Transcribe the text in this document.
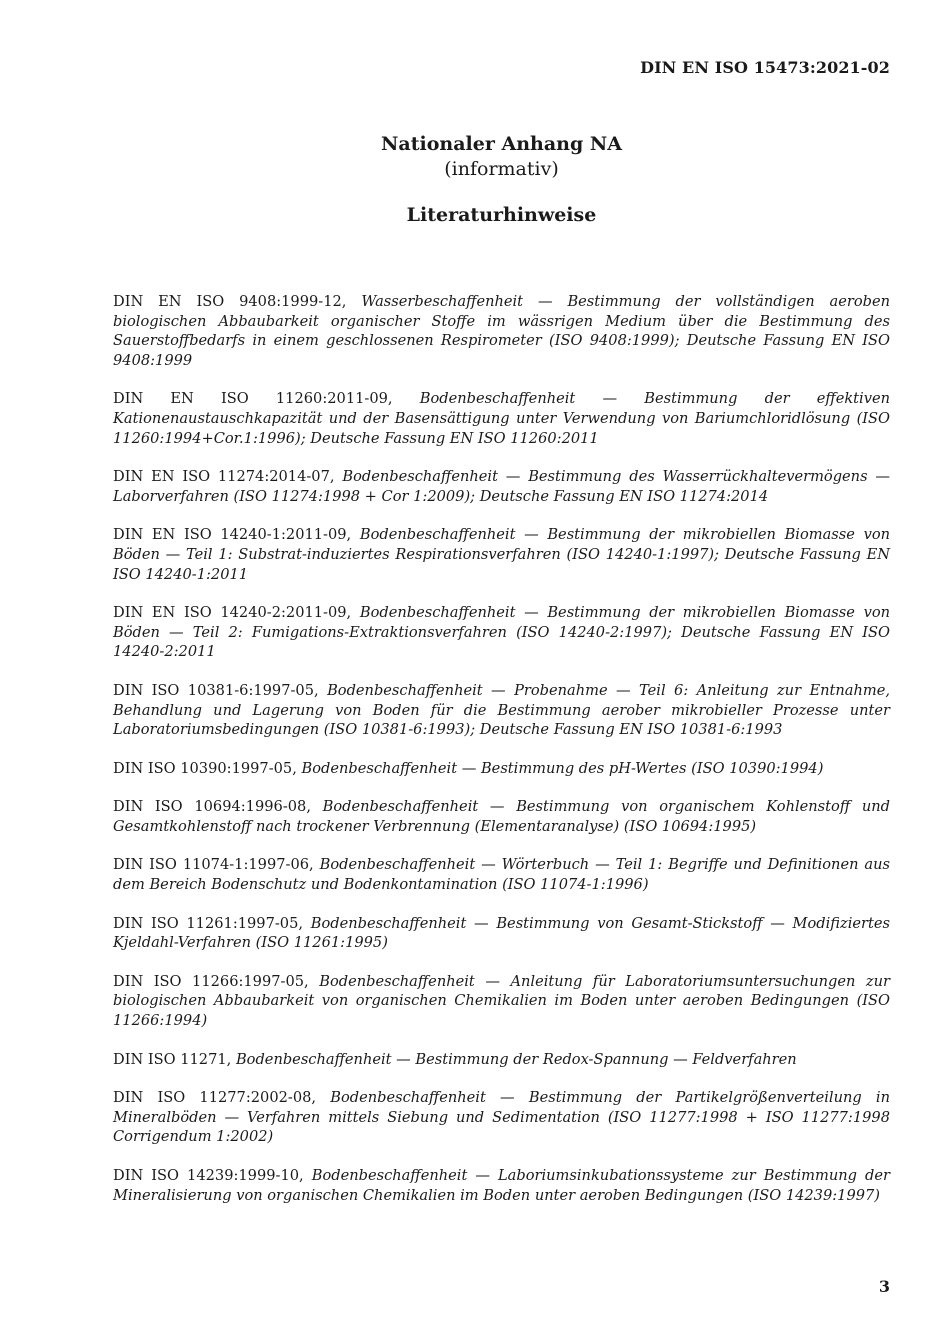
DIN EN ISO 15473:2021-02
Nationaler Anhang NA
(informativ)
Literaturhinweise

DIN EN ISO 9408:1999-12, Wasserbeschaffenheit — Bestimmung der vollständigen aeroben biologischen Abbaubarkeit organischer Stoffe im wässrigen Medium über die Bestimmung des Sauerstoffbedarfs in einem geschlossenen Respirometer (ISO 9408:1999); Deutsche Fassung EN ISO 9408:1999

DIN EN ISO 11260:2011-09, Bodenbeschaffenheit — Bestimmung der effektiven Kationenaustauschkapazität und der Basensättigung unter Verwendung von Bariumchloridlösung (ISO 11260:1994+Cor.1:1996); Deutsche Fassung EN ISO 11260:2011

DIN EN ISO 11274:2014-07, Bodenbeschaffenheit — Bestimmung des Wasserrückhaltevermögens — Laborverfahren (ISO 11274:1998 + Cor 1:2009); Deutsche Fassung EN ISO 11274:2014

DIN EN ISO 14240-1:2011-09, Bodenbeschaffenheit — Bestimmung der mikrobiellen Biomasse von Böden — Teil 1: Substrat-induziertes Respirationsverfahren (ISO 14240-1:1997); Deutsche Fassung EN ISO 14240-1:2011

DIN EN ISO 14240-2:2011-09, Bodenbeschaffenheit — Bestimmung der mikrobiellen Biomasse von Böden — Teil 2: Fumigations-Extraktionsverfahren (ISO 14240-2:1997); Deutsche Fassung EN ISO 14240-2:2011

DIN ISO 10381-6:1997-05, Bodenbeschaffenheit — Probenahme — Teil 6: Anleitung zur Entnahme, Behandlung und Lagerung von Boden für die Bestimmung aerober mikrobieller Prozesse unter Laboratoriumsbedingungen (ISO 10381-6:1993); Deutsche Fassung EN ISO 10381-6:1993

DIN ISO 10390:1997-05, Bodenbeschaffenheit — Bestimmung des pH-Wertes (ISO 10390:1994)

DIN ISO 10694:1996-08, Bodenbeschaffenheit — Bestimmung von organischem Kohlenstoff und Gesamtkohlenstoff nach trockener Verbrennung (Elementaranalyse) (ISO 10694:1995)

DIN ISO 11074-1:1997-06, Bodenbeschaffenheit — Wörterbuch — Teil 1: Begriffe und Definitionen aus dem Bereich Bodenschutz und Bodenkontamination (ISO 11074-1:1996)

DIN ISO 11261:1997-05, Bodenbeschaffenheit — Bestimmung von Gesamt-Stickstoff — Modifiziertes Kjeldahl-Verfahren (ISO 11261:1995)

DIN ISO 11266:1997-05, Bodenbeschaffenheit — Anleitung für Laboratoriumsuntersuchungen zur biologischen Abbaubarkeit von organischen Chemikalien im Boden unter aeroben Bedingungen (ISO 11266:1994)

DIN ISO 11271, Bodenbeschaffenheit — Bestimmung der Redox-Spannung — Feldverfahren

DIN ISO 11277:2002-08, Bodenbeschaffenheit — Bestimmung der Partikelgrößenverteilung in Mineralböden — Verfahren mittels Siebung und Sedimentation (ISO 11277:1998 + ISO 11277:1998 Corrigendum 1:2002)

DIN ISO 14239:1999-10, Bodenbeschaffenheit — Laboriumsinkubationssysteme zur Bestimmung der Mineralisierung von organischen Chemikalien im Boden unter aeroben Bedingungen (ISO 14239:1997)

3
